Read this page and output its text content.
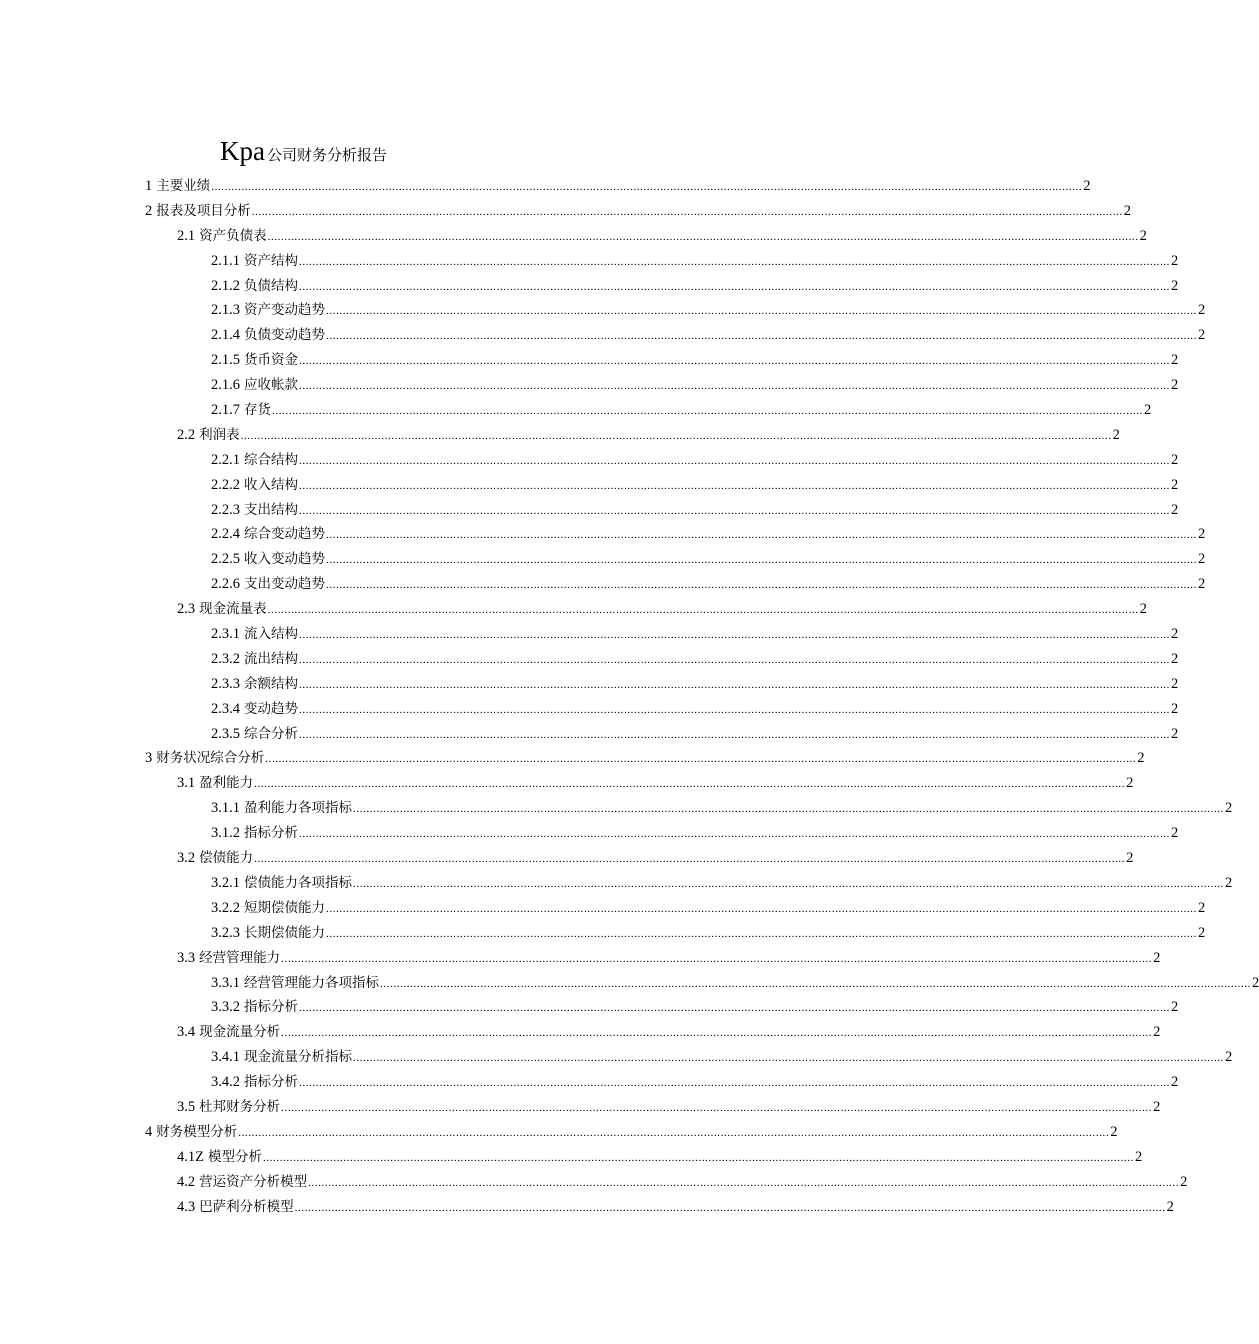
Kpa 公司财务分析报告
1 主要业绩 .................................................................................................................................................................................................................................................................... 2
2 报表及项目分析 .................................................................................................................................................................................................................................................................... 2
2.1 资产负债表 .................................................................................................................................................................................................................................................................... 2
2.1.1 资产结构 .................................................................................................................................................................................................................................................................... 2
2.1.2 负债结构 .................................................................................................................................................................................................................................................................... 2
2.1.3 资产变动趋势 .................................................................................................................................................................................................................................................................... 2
2.1.4 负债变动趋势 .................................................................................................................................................................................................................................................................... 2
2.1.5 货币资金 .................................................................................................................................................................................................................................................................... 2
2.1.6 应收帐款 .................................................................................................................................................................................................................................................................... 2
2.1.7 存货 .................................................................................................................................................................................................................................................................... 2
2.2 利润表 .................................................................................................................................................................................................................................................................... 2
2.2.1 综合结构 .................................................................................................................................................................................................................................................................... 2
2.2.2 收入结构 .................................................................................................................................................................................................................................................................... 2
2.2.3 支出结构 .................................................................................................................................................................................................................................................................... 2
2.2.4 综合变动趋势 .................................................................................................................................................................................................................................................................... 2
2.2.5 收入变动趋势 .................................................................................................................................................................................................................................................................... 2
2.2.6 支出变动趋势 .................................................................................................................................................................................................................................................................... 2
2.3 现金流量表 .................................................................................................................................................................................................................................................................... 2
2.3.1 流入结构 .................................................................................................................................................................................................................................................................... 2
2.3.2 流出结构 .................................................................................................................................................................................................................................................................... 2
2.3.3 余额结构 .................................................................................................................................................................................................................................................................... 2
2.3.4 变动趋势 .................................................................................................................................................................................................................................................................... 2
2.3.5 综合分析 .................................................................................................................................................................................................................................................................... 2
3 财务状况综合分析 .................................................................................................................................................................................................................................................................... 2
3.1 盈利能力 .................................................................................................................................................................................................................................................................... 2
3.1.1 盈利能力各项指标 .................................................................................................................................................................................................................................................................... 2
3.1.2 指标分析 .................................................................................................................................................................................................................................................................... 2
3.2 偿债能力 .................................................................................................................................................................................................................................................................... 2
3.2.1 偿债能力各项指标 .................................................................................................................................................................................................................................................................... 2
3.2.2 短期偿债能力 .................................................................................................................................................................................................................................................................... 2
3.2.3 长期偿债能力 .................................................................................................................................................................................................................................................................... 2
3.3 经营管理能力 .................................................................................................................................................................................................................................................................... 2
3.3.1 经营管理能力各项指标 .................................................................................................................................................................................................................................................................... 2
3.3.2 指标分析 .................................................................................................................................................................................................................................................................... 2
3.4 现金流量分析 .................................................................................................................................................................................................................................................................... 2
3.4.1 现金流量分析指标 .................................................................................................................................................................................................................................................................... 2
3.4.2 指标分析 .................................................................................................................................................................................................................................................................... 2
3.5 杜邦财务分析 .................................................................................................................................................................................................................................................................... 2
4 财务模型分析 .................................................................................................................................................................................................................................................................... 2
4.1Z 模型分析 .................................................................................................................................................................................................................................................................... 2
4.2 营运资产分析模型 .................................................................................................................................................................................................................................................................... 2
4.3 巴萨利分析模型 .................................................................................................................................................................................................................................................................... 2
